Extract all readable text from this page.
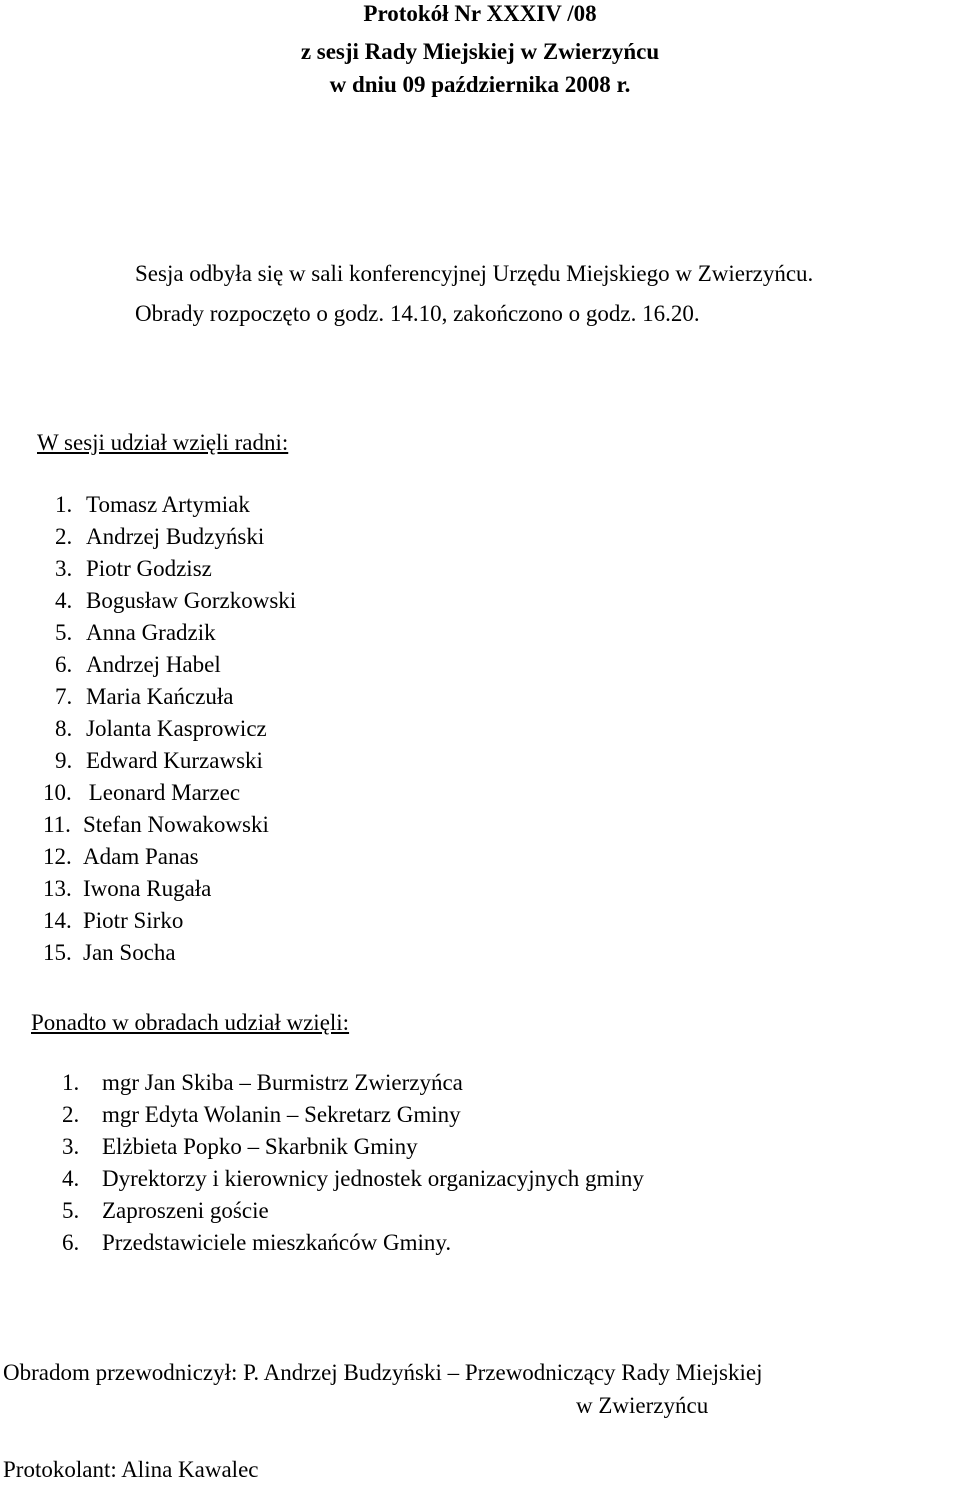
Protokół Nr XXXIV /08
z sesji Rady Miejskiej w Zwierzyńcu
w dniu 09 października 2008 r.
Sesja odbyła się w sali konferencyjnej Urzędu Miejskiego w Zwierzyńcu.
Obrady rozpoczęto o godz. 14.10, zakończono o godz. 16.20.
W sesji udział wzięli radni:
1. Tomasz Artymiak
2. Andrzej Budzyński
3. Piotr Godzisz
4. Bogusław Gorzkowski
5. Anna Gradzik
6. Andrzej Habel
7. Maria Kańczuła
8. Jolanta Kasprowicz
9. Edward Kurzawski
10. Leonard Marzec
11. Stefan Nowakowski
12. Adam Panas
13. Iwona Rugała
14. Piotr Sirko
15. Jan Socha
Ponadto w obradach udział wzięli:
1. mgr Jan Skiba – Burmistrz Zwierzyńca
2. mgr Edyta Wolanin – Sekretarz Gminy
3. Elżbieta Popko – Skarbnik Gminy
4. Dyrektorzy i kierownicy jednostek organizacyjnych gminy
5. Zaproszeni goście
6. Przedstawiciele mieszkańców Gminy.
Obradom przewodniczył: P. Andrzej Budzyński – Przewodniczący Rady Miejskiej
w Zwierzyńcu
Protokolant: Alina Kawalec
